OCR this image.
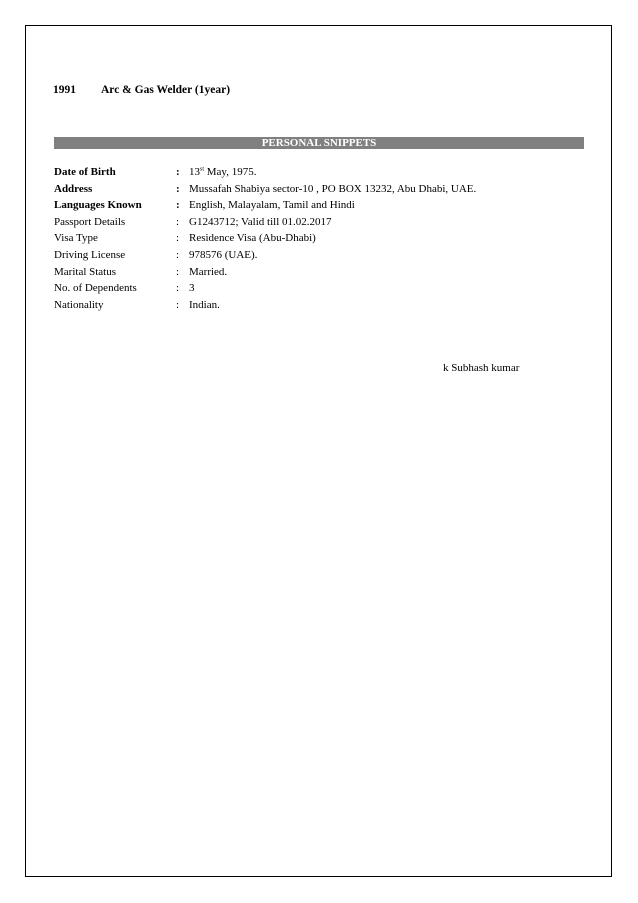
1991 Arc & Gas Welder (1year)
PERSONAL SNIPPETS
Date of Birth	: 13st May, 1975.
Address	: Mussafah Shabiya sector-10 , PO BOX 13232, Abu Dhabi, UAE.
Languages Known	: English, Malayalam, Tamil and Hindi
Passport Details	: G1243712; Valid till 01.02.2017
Visa Type	: Residence Visa (Abu-Dhabi)
Driving License	: 978576 (UAE).
Marital Status	: Married.
No. of Dependents	: 3
Nationality	: Indian.
k Subhash kumar
